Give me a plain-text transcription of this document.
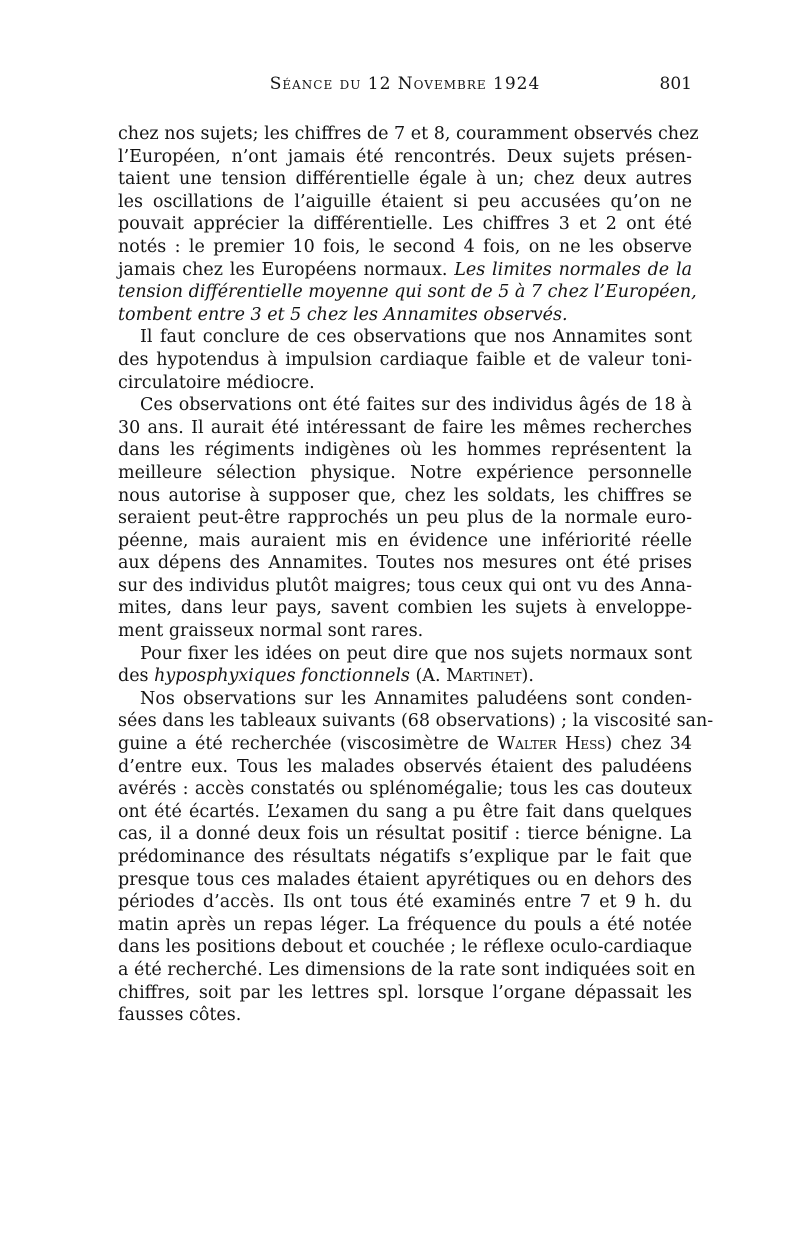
Séance du 12 Novembre 1924	801
chez nos sujets; les chiffres de 7 et 8, couramment observés chez
l’Européen, n’ont jamais été rencontrés. Deux sujets présen-
taient une tension différentielle égale à un; chez deux autres
les oscillations de l’aiguille étaient si peu accusées qu’on ne
pouvait apprécier la différentielle. Les chiffres 3 et 2 ont été
notés : le premier 10 fois, le second 4 fois, on ne les observe
jamais chez les Européens normaux. Les limites normales de la
tension différentielle moyenne qui sont de 5 à 7 chez l’Européen,
tombent entre 3 et 5 chez les Annamites observés.
Il faut conclure de ces observations que nos Annamites sont
des hypotendus à impulsion cardiaque faible et de valeur toni-
circulatoire médiocre.
Ces observations ont été faites sur des individus âgés de 18 à
30 ans. Il aurait été intéressant de faire les mêmes recherches
dans les régiments indigènes où les hommes représentent la
meilleure sélection physique. Notre expérience personnelle
nous autorise à supposer que, chez les soldats, les chiffres se
seraient peut-être rapprochés un peu plus de la normale euro-
péenne, mais auraient mis en évidence une infériorité réelle
aux dépens des Annamites. Toutes nos mesures ont été prises
sur des individus plutôt maigres; tous ceux qui ont vu des Anna-
mites, dans leur pays, savent combien les sujets à enveloppe-
ment graisseux normal sont rares.
Pour fixer les idées on peut dire que nos sujets normaux sont
des hyposphyxiques fonctionnels (A. Martinet).
Nos observations sur les Annamites paludéens sont conden-
sées dans les tableaux suivants (68 observations) ; la viscosité san-
guine a été recherchée (viscosimètre de Walter Hess) chez 34
d’entre eux. Tous les malades observés étaient des paludéens
avérés : accès constatés ou splénomégalie; tous les cas douteux
ont été écartés. L’examen du sang a pu être fait dans quelques
cas, il a donné deux fois un résultat positif : tierce bénigne. La
prédominance des résultats négatifs s’explique par le fait que
presque tous ces malades étaient apyrétiques ou en dehors des
périodes d’accès. Ils ont tous été examinés entre 7 et 9 h. du
matin après un repas léger. La fréquence du pouls a été notée
dans les positions debout et couchée ; le réflexe oculo-cardiaque
a été recherché. Les dimensions de la rate sont indiquées soit en
chiffres, soit par les lettres spl. lorsque l’organe dépassait les
fausses côtes.
